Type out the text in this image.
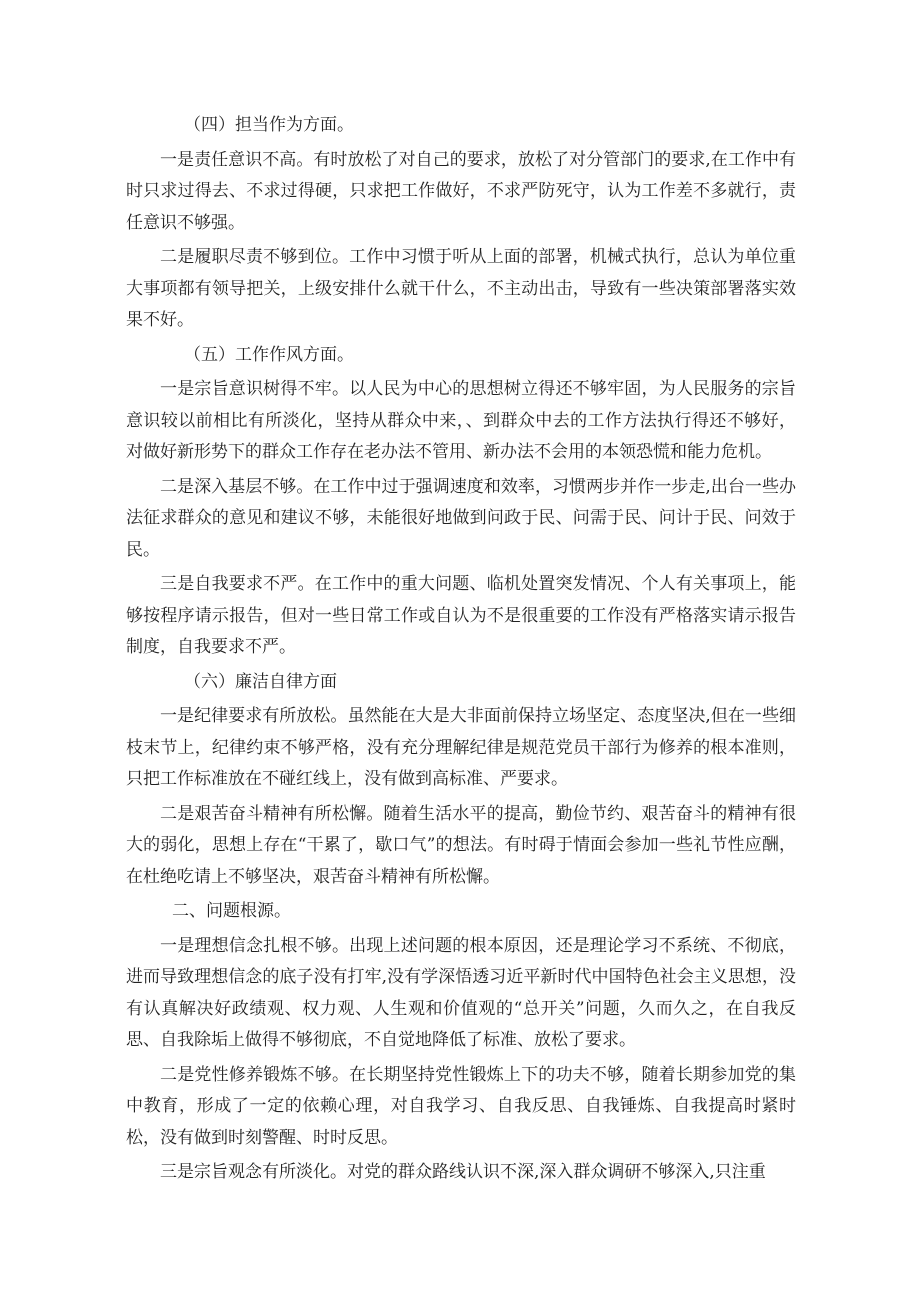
（四）担当作为方面。

一是责任意识不高。有时放松了对自己的要求，放松了对分管部门的要求,在工作中有时只求过得去、不求过得硬，只求把工作做好，不求严防死守，认为工作差不多就行，责任意识不够强。

二是履职尽责不够到位。工作中习惯于听从上面的部署，机械式执行，总认为单位重大事项都有领导把关，上级安排什么就干什么，不主动出击，导致有一些决策部署落实效果不好。

（五）工作作风方面。

一是宗旨意识树得不牢。以人民为中心的思想树立得还不够牢固，为人民服务的宗旨意识较以前相比有所淡化，坚持从群众中来，、到群众中去的工作方法执行得还不够好，对做好新形势下的群众工作存在老办法不管用、新办法不会用的本领恐慌和能力危机。

二是深入基层不够。在工作中过于强调速度和效率，习惯两步并作一步走,出台一些办法征求群众的意见和建议不够，未能很好地做到问政于民、问需于民、问计于民、问效于民。

三是自我要求不严。在工作中的重大问题、临机处置突发情况、个人有关事项上，能够按程序请示报告，但对一些日常工作或自认为不是很重要的工作没有严格落实请示报告制度，自我要求不严。

（六）廉洁自律方面

一是纪律要求有所放松。虽然能在大是大非面前保持立场坚定、态度坚决,但在一些细枝末节上，纪律约束不够严格，没有充分理解纪律是规范党员干部行为修养的根本准则，只把工作标准放在不碰红线上，没有做到高标准、严要求。

二是艰苦奋斗精神有所松懈。随着生活水平的提高，勤俭节约、艰苦奋斗的精神有很大的弱化，思想上存在“干累了，歇口气”的想法。有时碍于情面会参加一些礼节性应酬，在杜绝吃请上不够坚决，艰苦奋斗精神有所松懈。

二、问题根源。

一是理想信念扎根不够。出现上述问题的根本原因，还是理论学习不系统、不彻底，进而导致理想信念的底子没有打牢,没有学深悟透习近平新时代中国特色社会主义思想，没有认真解决好政绩观、权力观、人生观和价值观的“总开关”问题，久而久之，在自我反思、自我除垢上做得不够彻底，不自觉地降低了标准、放松了要求。

二是党性修养锻炼不够。在长期坚持党性锻炼上下的功夫不够，随着长期参加党的集中教育，形成了一定的依赖心理，对自我学习、自我反思、自我锤炼、自我提高时紧时松，没有做到时刻警醒、时时反思。

三是宗旨观念有所淡化。对党的群众路线认识不深,深入群众调研不够深入,只注重
